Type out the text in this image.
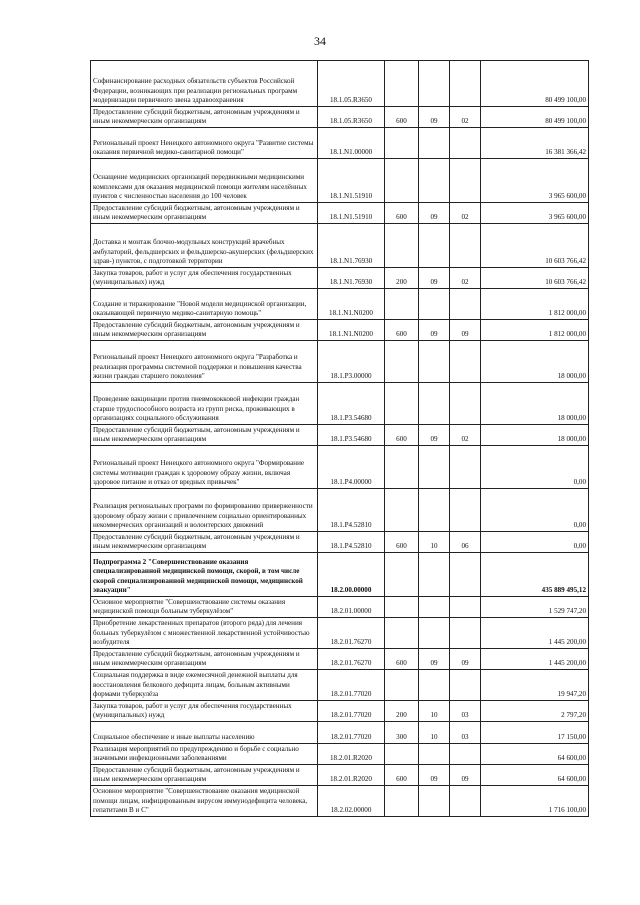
34
Софинансирование расходных обязательств субъектов Российской Федерации, возникающих при реализации региональных программ модернизации первичного звена здравоохранения	18.1.05.R3650				80 499 100,00
Предоставление субсидий бюджетным, автономным учреждениям и иным некоммерческим организациям	18.1.05.R3650	600	09	02	80 499 100,00
Региональный проект Ненецкого автономного округа "Развитие системы оказания первичной медико-санитарной помощи"	18.1.N1.00000				16 381 366,42
Оснащение медицинских организаций передвижными медицинскими комплексами для оказания медицинской помощи жителям населённых пунктов с численностью населения до 100 человек	18.1.N1.51910				3 965 600,00
Предоставление субсидий бюджетным, автономным учреждениям и иным некоммерческим организациям	18.1.N1.51910	600	09	02	3 965 600,00
Доставка и монтаж блочно-модульных конструкций врачебных амбулаторий, фельдшерских и фельдшерско-акушерских (фельдшерских здрав-) пунктов, с подготовкой территории	18.1.N1.76930				10 603 766,42
Закупка товаров, работ и услуг для обеспечения государственных (муниципальных) нужд	18.1.N1.76930	200	09	02	10 603 766,42
Создание и тиражирование "Новой модели медицинской организации, оказывающей первичную медико-санитарную помощь"	18.1.N1.N0200				1 812 000,00
Предоставление субсидий бюджетным, автономным учреждениям и иным некоммерческим организациям	18.1.N1.N0200	600	09	09	1 812 000,00
Региональный проект Ненецкого автономного округа "Разработка и реализация программы системной поддержки и повышения качества жизни граждан старшего поколения"	18.1.P3.00000				18 000,00
Проведение вакцинации против пневмококковой инфекции граждан старше трудоспособного возраста из групп риска, проживающих в организациях социального обслуживания	18.1.P3.54680				18 000,00
Предоставление субсидий бюджетным, автономным учреждениям и иным некоммерческим организациям	18.1.P3.54680	600	09	02	18 000,00
Региональный проект Ненецкого автономного округа "Формирование системы мотивации граждан к здоровому образу жизни, включая здоровое питание и отказ от вредных привычек"	18.1.P4.00000				0,00
Реализация региональных программ по формированию приверженности здоровому образу жизни с привлечением социально ориентированных некоммерческих организаций и волонтерских движений	18.1.P4.52810				0,00
Предоставление субсидий бюджетным, автономным учреждениям и иным некоммерческим организациям	18.1.P4.52810	600	10	06	0,00
Подпрограмма 2 "Совершенствование оказания специализированной медицинской помощи, скорой, в том числе скорой специализированной медицинской помощи, медицинской эвакуации"	18.2.00.00000				435 889 495,12
Основное мероприятие "Совершенствование системы оказания медицинской помощи больным туберкулёзом"	18.2.01.00000				1 529 747,20
Приобретение лекарственных препаратов (второго ряда) для лечения больных туберкулёзом с множественной лекарственной устойчивостью возбудителя	18.2.01.76270				1 445 200,00
Предоставление субсидий бюджетным, автономным учреждениям и иным некоммерческим организациям	18.2.01.76270	600	09	09	1 445 200,00
Социальная поддержка в виде ежемесячной денежной выплаты для восстановления белкового дефицита лицам, больным активными формами туберкулёза	18.2.01.77020				19 947,20
Закупка товаров, работ и услуг для обеспечения государственных (муниципальных) нужд	18.2.01.77020	200	10	03	2 797,20
Социальное обеспечение и иные выплаты населению	18.2.01.77020	300	10	03	17 150,00
Реализация мероприятий по предупреждению и борьбе с социально значимыми инфекционными заболеваниями	18.2.01.R2020				64 600,00
Предоставление субсидий бюджетным, автономным учреждениям и иным некоммерческим организациям	18.2.01.R2020	600	09	09	64 600,00
Основное мероприятие "Совершенствование оказания медицинской помощи лицам, инфицированным вирусом иммунодефицита человека, гепатитами В и С"	18.2.02.00000				1 716 100,00
